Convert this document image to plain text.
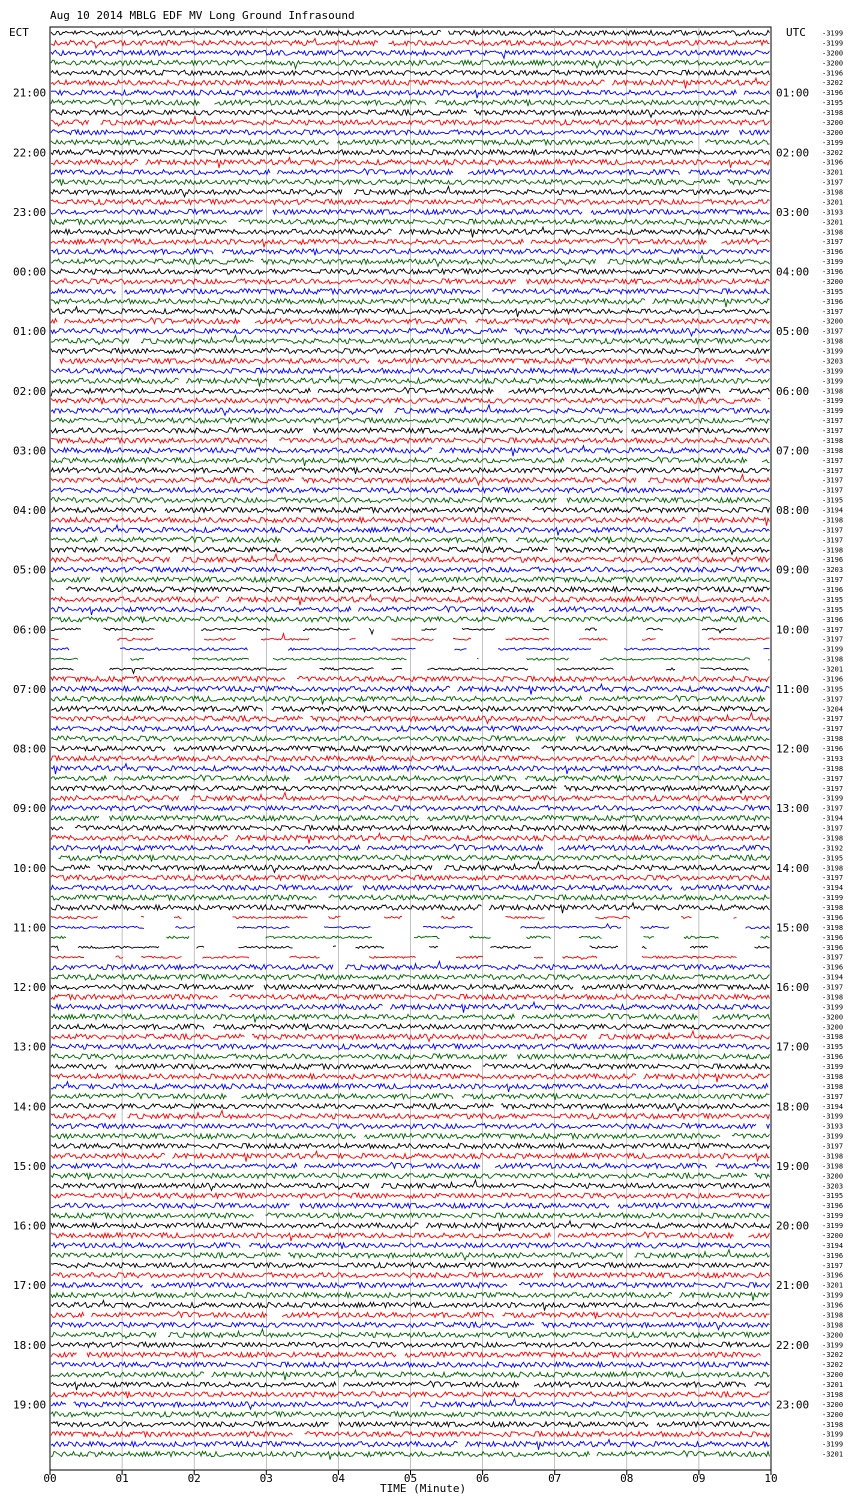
Aug 10 2014 MBLG EDF MV Long Ground Infrasound
ECT	UTC
TIME (Minute)
00	01	02	03	04	05	06	07	08	09	10
-3199
-3199
-3200
-3200
-3196
-3202
-3196
-3195
-3198
-3200
-3200
-3199
-3202
-3196
-3201
-3197
-3198
-3201
-3193
-3201
-3198
-3197
-3196
-3199
-3196
-3200
-3195
-3196
-3197
-3200
-3197
-3198
-3199
-3203
-3199
-3199
-3198
-3199
-3199
-3197
-3197
-3198
-3198
-3197
-3197
-3197
-3197
-3195
-3194
-3198
-3197
-3197
-3198
-3196
-3203
-3197
-3196
-3195
-3195
-3196
-3197
-3197
-3199
-3198
-3201
-3196
-3195
-3197
-3204
-3197
-3197
-3198
-3196
-3193
-3198
-3197
-3197
-3199
-3197
-3194
-3197
-3198
-3192
-3195
-3198
-3197
-3194
-3199
-3198
-3196
-3198
-3196
-3196
-3197
-3196
-3194
-3197
-3198
-3199
-3200
-3200
-3198
-3195
-3196
-3199
-3198
-3198
-3197
-3194
-3199
-3193
-3199
-3197
-3198
-3198
-3200
-3203
-3195
-3196
-3199
-3199
-3200
-3194
-3196
-3197
-3196
-3201
-3199
-3196
-3198
-3198
-3200
-3199
-3202
-3202
-3200
-3201
-3198
-3200
-3200
-3198
-3199
-3199
-3201
21:00	01:00
22:00	02:00
23:00	03:00
00:00	04:00
01:00	05:00
02:00	06:00
03:00	07:00
04:00	08:00
05:00	09:00
06:00	10:00
07:00	11:00
08:00	12:00
09:00	13:00
10:00	14:00
11:00	15:00
12:00	16:00
13:00	17:00
14:00	18:00
15:00	19:00
16:00	20:00
17:00	21:00
18:00	22:00
19:00	23:00
